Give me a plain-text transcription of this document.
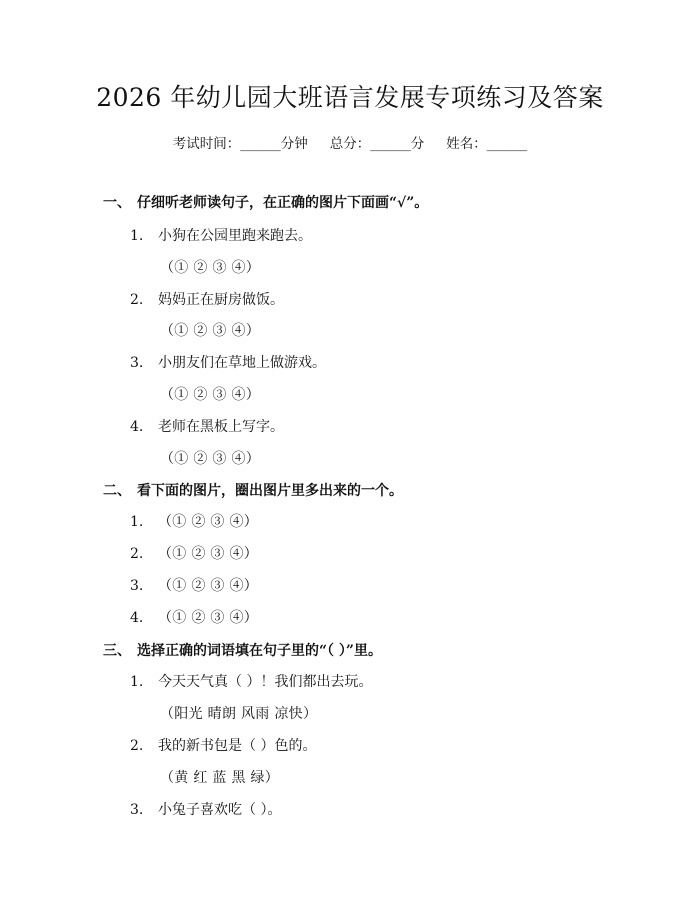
2026 年幼儿园大班语言发展专项练习及答案
考试时间：______分钟 总分：______分 姓名：______
一、 仔细听老师读句子，在正确的图片下面画“√”。
1. 小狗在公园里跑来跑去。
（① ② ③ ④）
2. 妈妈正在厨房做饭。
（① ② ③ ④）
3. 小朋友们在草地上做游戏。
（① ② ③ ④）
4. 老师在黑板上写字。
（① ② ③ ④）
二、 看下面的图片，圈出图片里多出来的一个。
1. （① ② ③ ④）
2. （① ② ③ ④）
3. （① ② ③ ④）
4. （① ② ③ ④）
三、 选择正确的词语填在句子里的“（ ）”里。
1. 今天天气真（ ）！我们都出去玩。
（阳光 晴朗 风雨 凉快）
2. 我的新书包是（ ）色的。
（黄 红 蓝 黑 绿）
3. 小兔子喜欢吃（ ）。
